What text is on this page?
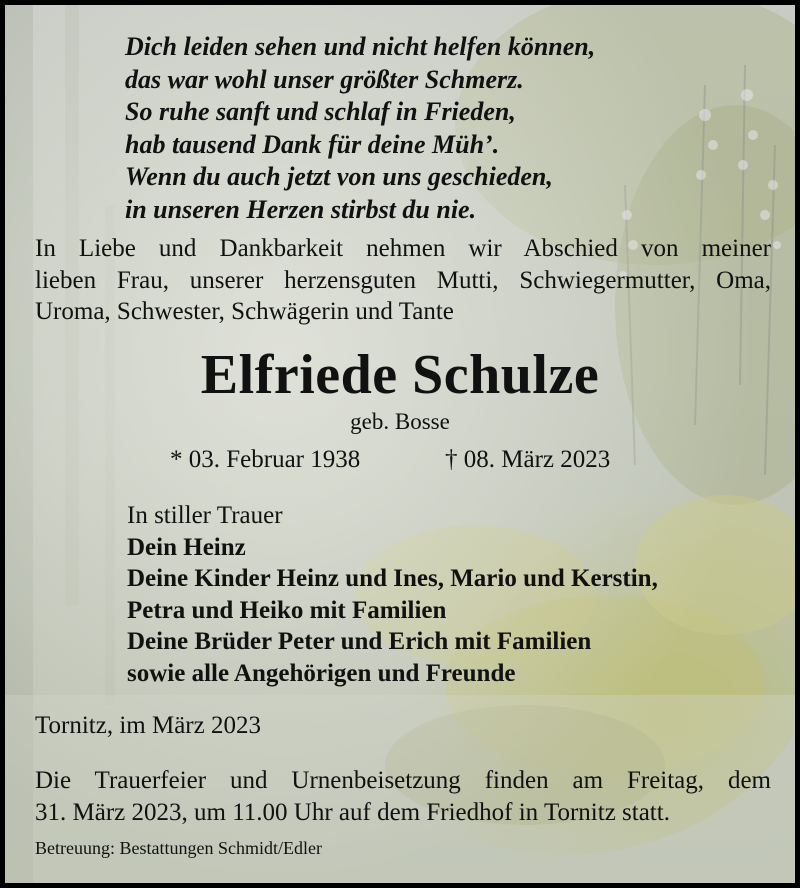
Dich leiden sehen und nicht helfen können,
das war wohl unser größter Schmerz.
So ruhe sanft und schlaf in Frieden,
hab tausend Dank für deine Müh’.
Wenn du auch jetzt von uns geschieden,
in unseren Herzen stirbst du nie.
In Liebe und Dankbarkeit nehmen wir Abschied von meiner
lieben Frau, unserer herzensguten Mutti, Schwiegermutter, Oma,
Uroma, Schwester, Schwägerin und Tante
Elfriede Schulze
geb. Bosse
* 03. Februar 1938	† 08. März 2023
In stiller Trauer
Dein Heinz
Deine Kinder Heinz und Ines, Mario und Kerstin,
Petra und Heiko mit Familien
Deine Brüder Peter und Erich mit Familien
sowie alle Angehörigen und Freunde
Tornitz, im März 2023
Die Trauerfeier und Urnenbeisetzung finden am Freitag, dem
31. März 2023, um 11.00 Uhr auf dem Friedhof in Tornitz statt.
Betreuung: Bestattungen Schmidt/Edler
